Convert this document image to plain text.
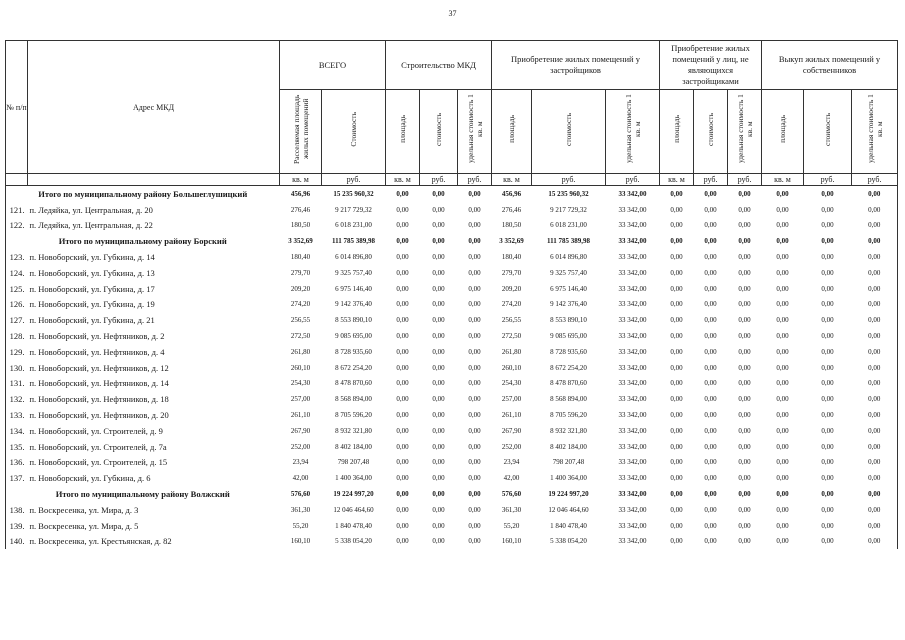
37
№ п/п	Адрес МКД	ВСЕГО		Строительство МКД			Приобретение жилых помещений у застройщиков			Приобретение жилых помещений у лиц, не являющихся застройщиками			Выкуп жилых помещений у собственников		
		Расселяемая площадь жилых помещений	Стоимость	площадь	стоимость	удельная стоимость 1 кв. м	площадь	стоимость	удельная стоимость 1 кв. м	площадь	стоимость	удельная стоимость 1 кв. м	площадь	стоимость	удельная стоимость 1 кв. м
		кв. м	руб.	кв. м	руб.	руб.	кв. м	руб.	руб.	кв. м	руб.	руб.	кв. м	руб.	руб.
Итого по муниципальному району Большеглушицкий		456,96	15 235 960,32	0,00	0,00	0,00	456,96	15 235 960,32	33 342,00	0,00	0,00	0,00	0,00	0,00	0,00
121.	п. Ледяйка, ул. Центральная, д. 20	276,46	9 217 729,32	0,00	0,00	0,00	276,46	9 217 729,32	33 342,00	0,00	0,00	0,00	0,00	0,00	0,00
122.	п. Ледяйка, ул. Центральная, д. 22	180,50	6 018 231,00	0,00	0,00	0,00	180,50	6 018 231,00	33 342,00	0,00	0,00	0,00	0,00	0,00	0,00
Итого по муниципальному району Борский		3 352,69	111 785 389,98	0,00	0,00	0,00	3 352,69	111 785 389,98	33 342,00	0,00	0,00	0,00	0,00	0,00	0,00
123.	п. Новоборский, ул. Губкина, д. 14	180,40	6 014 896,80	0,00	0,00	0,00	180,40	6 014 896,80	33 342,00	0,00	0,00	0,00	0,00	0,00	0,00
124.	п. Новоборский, ул. Губкина, д. 13	279,70	9 325 757,40	0,00	0,00	0,00	279,70	9 325 757,40	33 342,00	0,00	0,00	0,00	0,00	0,00	0,00
125.	п. Новоборский, ул. Губкина, д. 17	209,20	6 975 146,40	0,00	0,00	0,00	209,20	6 975 146,40	33 342,00	0,00	0,00	0,00	0,00	0,00	0,00
126.	п. Новоборский, ул. Губкина, д. 19	274,20	9 142 376,40	0,00	0,00	0,00	274,20	9 142 376,40	33 342,00	0,00	0,00	0,00	0,00	0,00	0,00
127.	п. Новоборский, ул. Губкина, д. 21	256,55	8 553 890,10	0,00	0,00	0,00	256,55	8 553 890,10	33 342,00	0,00	0,00	0,00	0,00	0,00	0,00
128.	п. Новоборский, ул. Нефтяников, д. 2	272,50	9 085 695,00	0,00	0,00	0,00	272,50	9 085 695,00	33 342,00	0,00	0,00	0,00	0,00	0,00	0,00
129.	п. Новоборский, ул. Нефтяников, д. 4	261,80	8 728 935,60	0,00	0,00	0,00	261,80	8 728 935,60	33 342,00	0,00	0,00	0,00	0,00	0,00	0,00
130.	п. Новоборский, ул. Нефтяников, д. 12	260,10	8 672 254,20	0,00	0,00	0,00	260,10	8 672 254,20	33 342,00	0,00	0,00	0,00	0,00	0,00	0,00
131.	п. Новоборский, ул. Нефтяников, д. 14	254,30	8 478 870,60	0,00	0,00	0,00	254,30	8 478 870,60	33 342,00	0,00	0,00	0,00	0,00	0,00	0,00
132.	п. Новоборский, ул. Нефтяников, д. 18	257,00	8 568 894,00	0,00	0,00	0,00	257,00	8 568 894,00	33 342,00	0,00	0,00	0,00	0,00	0,00	0,00
133.	п. Новоборский, ул. Нефтяников, д. 20	261,10	8 705 596,20	0,00	0,00	0,00	261,10	8 705 596,20	33 342,00	0,00	0,00	0,00	0,00	0,00	0,00
134.	п. Новоборский, ул. Строителей, д. 9	267,90	8 932 321,80	0,00	0,00	0,00	267,90	8 932 321,80	33 342,00	0,00	0,00	0,00	0,00	0,00	0,00
135.	п. Новоборский, ул. Строителей, д. 7а	252,00	8 402 184,00	0,00	0,00	0,00	252,00	8 402 184,00	33 342,00	0,00	0,00	0,00	0,00	0,00	0,00
136.	п. Новоборский, ул. Строителей, д. 15	23,94	798 207,48	0,00	0,00	0,00	23,94	798 207,48	33 342,00	0,00	0,00	0,00	0,00	0,00	0,00
137.	п. Новоборский, ул. Губкина, д. 6	42,00	1 400 364,00	0,00	0,00	0,00	42,00	1 400 364,00	33 342,00	0,00	0,00	0,00	0,00	0,00	0,00
Итого по муниципальному району Волжский		576,60	19 224 997,20	0,00	0,00	0,00	576,60	19 224 997,20	33 342,00	0,00	0,00	0,00	0,00	0,00	0,00
138.	п. Воскресенка, ул. Мира, д. 3	361,30	12 046 464,60	0,00	0,00	0,00	361,30	12 046 464,60	33 342,00	0,00	0,00	0,00	0,00	0,00	0,00
139.	п. Воскресенка, ул. Мира, д. 5	55,20	1 840 478,40	0,00	0,00	0,00	55,20	1 840 478,40	33 342,00	0,00	0,00	0,00	0,00	0,00	0,00
140.	п. Воскресенка, ул. Крестьянская, д. 82	160,10	5 338 054,20	0,00	0,00	0,00	160,10	5 338 054,20	33 342,00	0,00	0,00	0,00	0,00	0,00	0,00
